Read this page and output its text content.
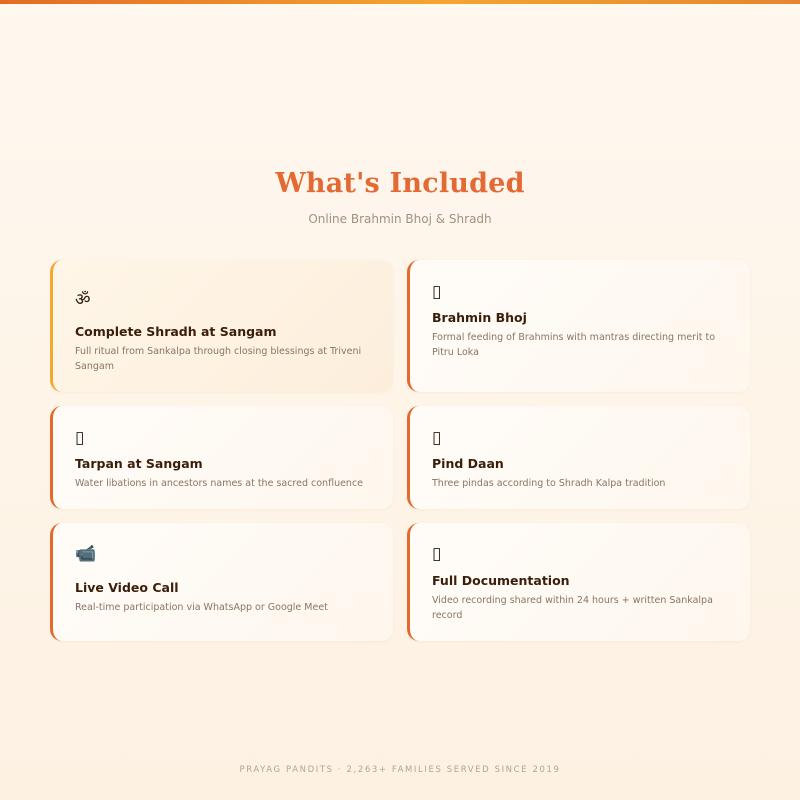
What's Included
Online Brahmin Bhoj & Shradh
ॐ
Complete Shradh at Sangam
Full ritual from Sankalpa through closing blessings at Triveni Sangam
▯
Brahmin Bhoj
Formal feeding of Brahmins with mantras directing merit to Pitru Loka
▯
Tarpan at Sangam
Water libations in ancestors names at the sacred confluence
▯
Pind Daan
Three pindas according to Shradh Kalpa tradition
📹
Live Video Call
Real-time participation via WhatsApp or Google Meet
▯
Full Documentation
Video recording shared within 24 hours + written Sankalpa record
PRAYAG PANDITS · 2,263+ FAMILIES SERVED SINCE 2019
